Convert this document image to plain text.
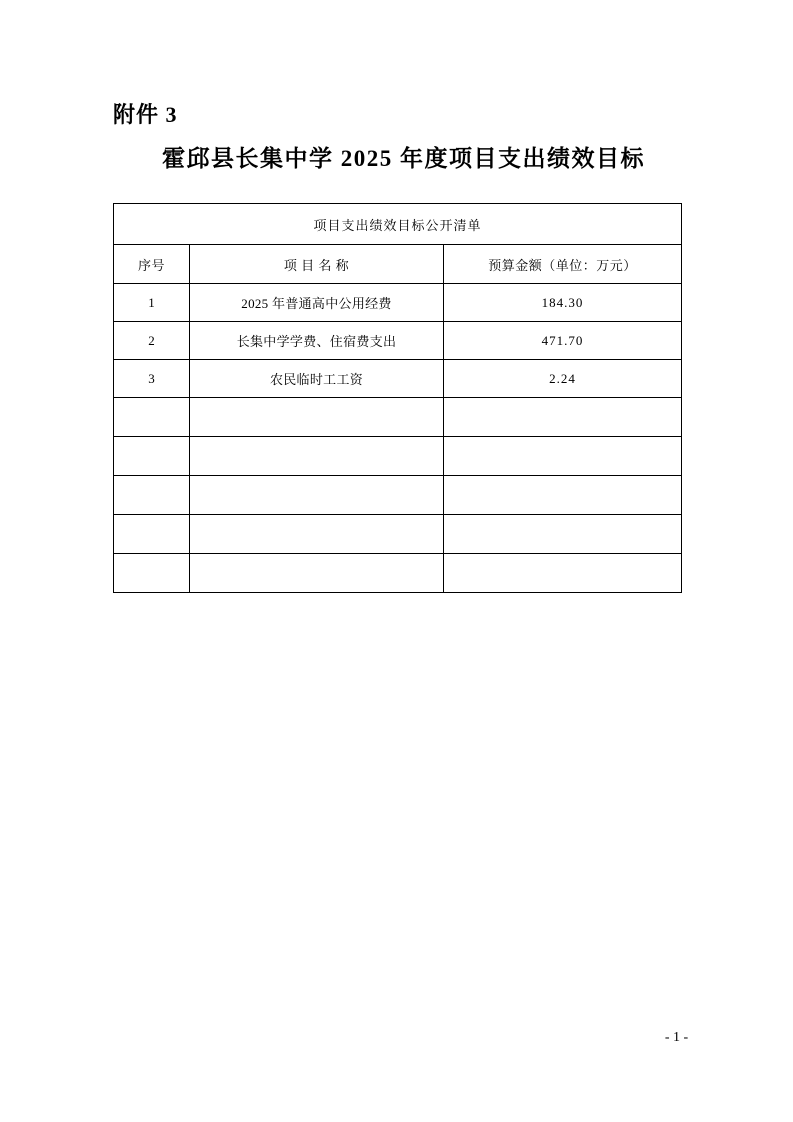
附件 3
霍邱县长集中学 2025 年度项目支出绩效目标
项目支出绩效目标公开清单		
序号	项 目 名 称	预算金额（单位：万元）
1	2025 年普通高中公用经费	184.30
2	长集中学学费、住宿费支出	471.70
3	农民临时工工资	2.24

- 1 -
